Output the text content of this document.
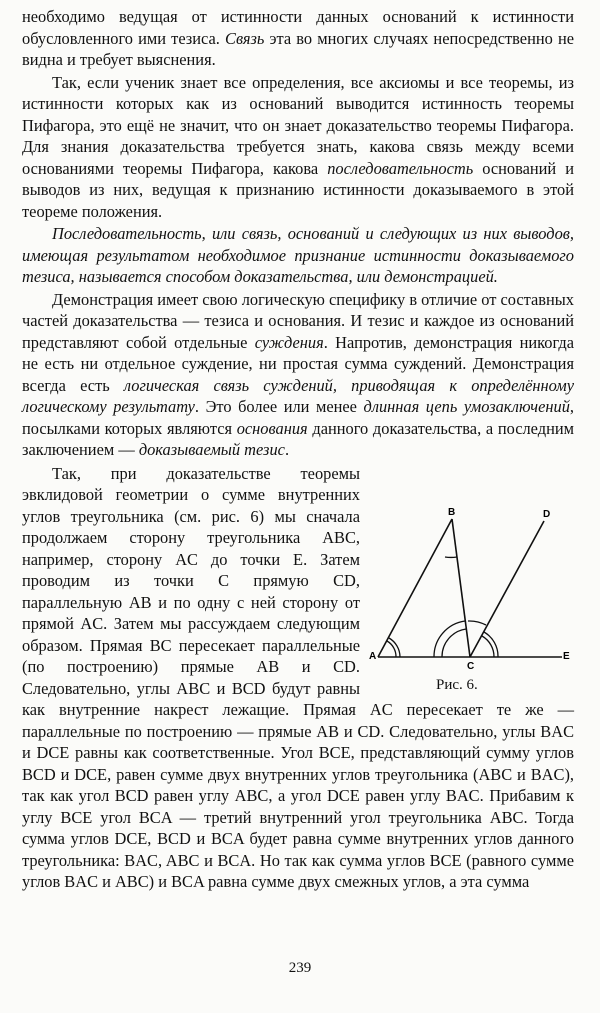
необходимо ведущая от истинности данных оснований к истинности обусловленного ими тезиса. Связь эта во многих случаях непосредственно не видна и требует выяснения.

Так, если ученик знает все определения, все аксиомы и все теоремы, из истинности которых как из оснований выводится истинность теоремы Пифагора, это ещё не значит, что он знает доказательство теоремы Пифагора. Для знания доказательства требуется знать, какова связь между всеми основаниями теоремы Пифагора, какова последовательность оснований и выводов из них, ведущая к признанию истинности доказываемого в этой теореме положения.

Последовательность, или связь, оснований и следующих из них выводов, имеющая результатом необходимое признание истинности доказываемого тезиса, называется способом доказательства, или демонстрацией.

Демонстрация имеет свою логическую специфику в отличие от составных частей доказательства — тезиса и основания. И тезис и каждое из оснований представляют собой отдельные суждения. Напротив, демонстрация никогда не есть ни отдельное суждение, ни простая сумма суждений. Демонстрация всегда есть логическая связь суждений, приводящая к определённому логическому результату. Это более или менее длинная цепь умозаключений, посылками которых являются основания данного доказательства, а последним заключением — доказываемый тезис.

A
B
C
D
E
Рис. 6.
Так, при доказательстве теоремы эвклидовой геометрии о сумме внутренних углов треугольника (см. рис. 6) мы сначала продолжаем сторону треугольника ABC, например, сторону AC до точки E. Затем проводим из точки C прямую CD, параллельную AB и по одну с ней сторону от прямой AC. Затем мы рассуждаем следующим образом. Прямая BC пересекает параллельные (по построению) прямые AB и CD. Следовательно, углы ABC и BCD будут равны как внутренние накрест лежащие. Прямая AC пересекает те же — параллельные по построению — прямые AB и CD. Следовательно, углы BAC и DCE равны как соответственные. Угол BCE, представляющий сумму углов BCD и DCE, равен сумме двух внутренних углов треугольника (ABC и BAC), так как угол BCD равен углу ABC, а угол DCE равен углу BAC. Прибавим к углу BCE угол BCA — третий внутренний угол треугольника ABC. Тогда сумма углов DCE, BCD и BCA будет равна сумме внутренних углов данного треугольника: BAC, ABC и BCA. Но так как сумма углов BCE (равного сумме углов BAC и ABC) и BCA равна сумме двух смежных углов, а эта сумма

239
